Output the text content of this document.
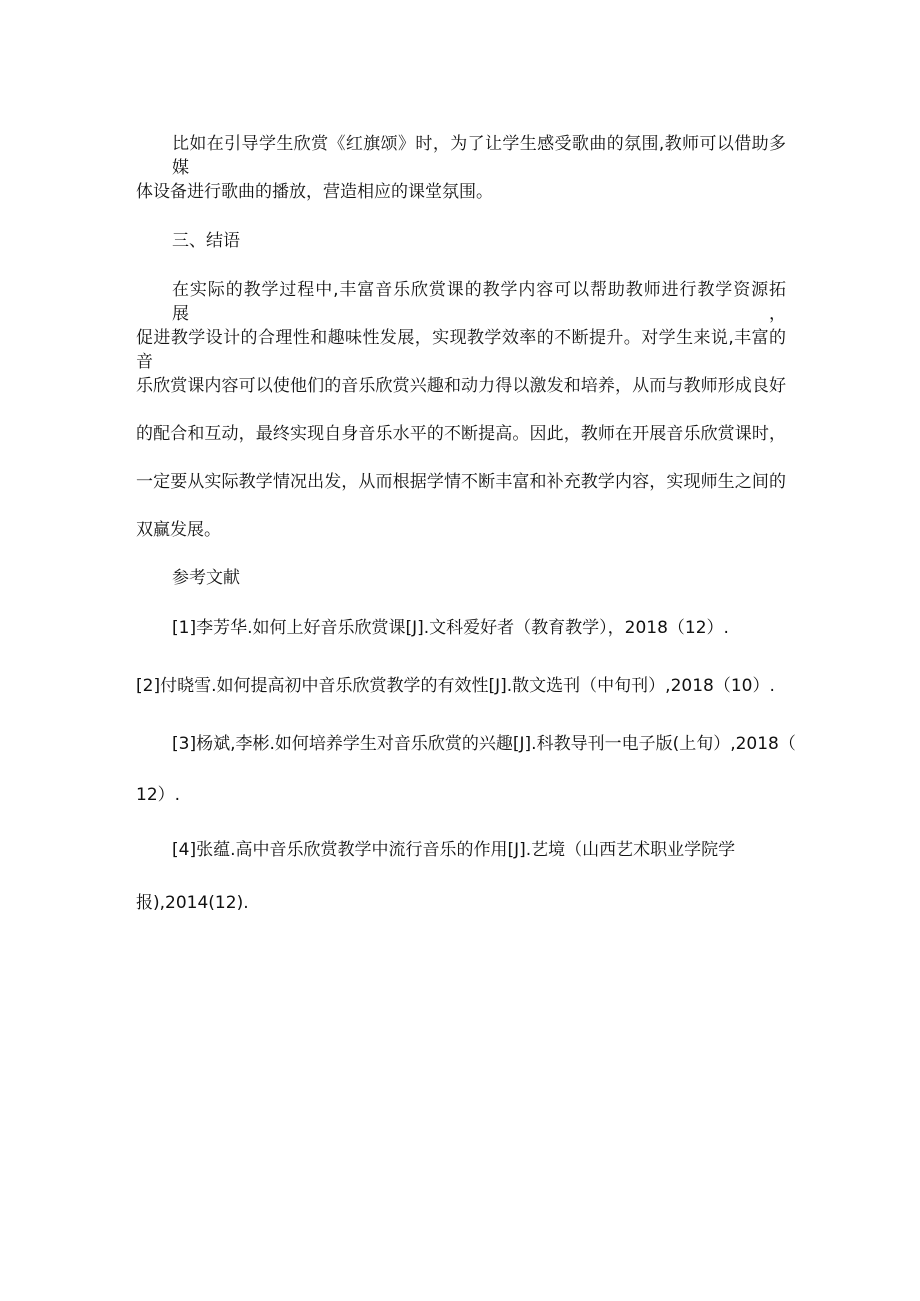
比如在引导学生欣赏《红旗颂》时，为了让学生感受歌曲的氛围,教师可以借助多媒
体设备进行歌曲的播放，营造相应的课堂氛围。
三、结语
在实际的教学过程中,丰富音乐欣赏课的教学内容可以帮助教师进行教学资源拓展，
促进教学设计的合理性和趣味性发展，实现教学效率的不断提升。对学生来说,丰富的音
乐欣赏课内容可以使他们的音乐欣赏兴趣和动力得以激发和培养，从而与教师形成良好
的配合和互动，最终实现自身音乐水平的不断提高。因此，教师在开展音乐欣赏课时，
一定要从实际教学情况出发，从而根据学情不断丰富和补充教学内容，实现师生之间的
双赢发展。
参考文献
[1]李芳华.如何上好音乐欣赏课[J].文科爱好者（教育教学），2018（12）.
[2]付晓雪.如何提高初中音乐欣赏教学的有效性[J].散文选刊（中旬刊）,2018（10）.
[3]杨斌,李彬.如何培养学生对音乐欣赏的兴趣[J].科教导刊一电子版(上旬）,2018（
12）.
[4]张蕴.高中音乐欣赏教学中流行音乐的作用[J].艺境（山西艺术职业学院学
报),2014(12).
